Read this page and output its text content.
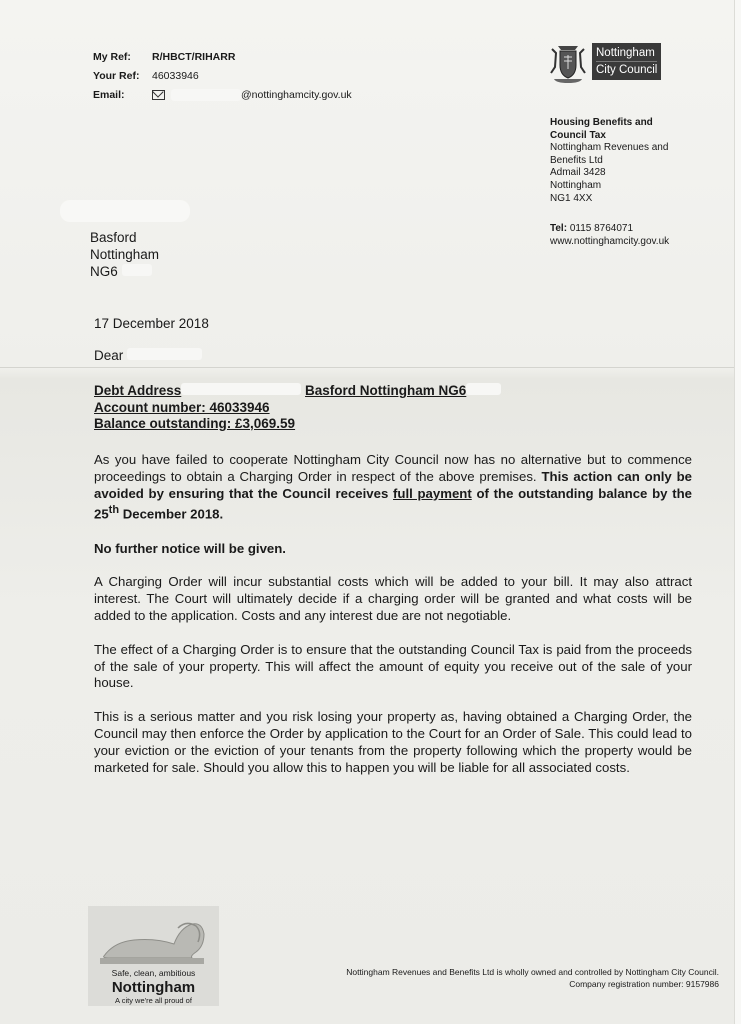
My Ref:	R/HBCT/RIHARR
Your Ref:	46033946
Email:	@nottinghamcity.gov.uk
Nottingham
City Council
Housing Benefits and
Council Tax
Nottingham Revenues and
Benefits Ltd
Admail 3428
Nottingham
NG1 4XX
Tel: 0115 8764071
www.nottinghamcity.gov.uk
Basford
Nottingham
NG6
17 December 2018
Dear
Debt Address	Basford Nottingham NG6
Account number: 46033946
Balance outstanding: £3,069.59

As you have failed to cooperate Nottingham City Council now has no alternative but to commence proceedings to obtain a Charging Order in respect of the above premises. This action can only be avoided by ensuring that the Council receives full payment of the outstanding balance by the 25th December 2018.

No further notice will be given.

A Charging Order will incur substantial costs which will be added to your bill. It may also attract interest. The Court will ultimately decide if a charging order will be granted and what costs will be added to the application. Costs and any interest due are not negotiable.

The effect of a Charging Order is to ensure that the outstanding Council Tax is paid from the proceeds of the sale of your property. This will affect the amount of equity you receive out of the sale of your house.

This is a serious matter and you risk losing your property as, having obtained a Charging Order, the Council may then enforce the Order by application to the Court for an Order of Sale. This could lead to your eviction or the eviction of your tenants from the property following which the property would be marketed for sale. Should you allow this to happen you will be liable for all associated costs.

Safe, clean, ambitious
Nottingham
A city we're all proud of
Nottingham Revenues and Benefits Ltd is wholly owned and controlled by Nottingham City Council.
Company registration number: 9157986
